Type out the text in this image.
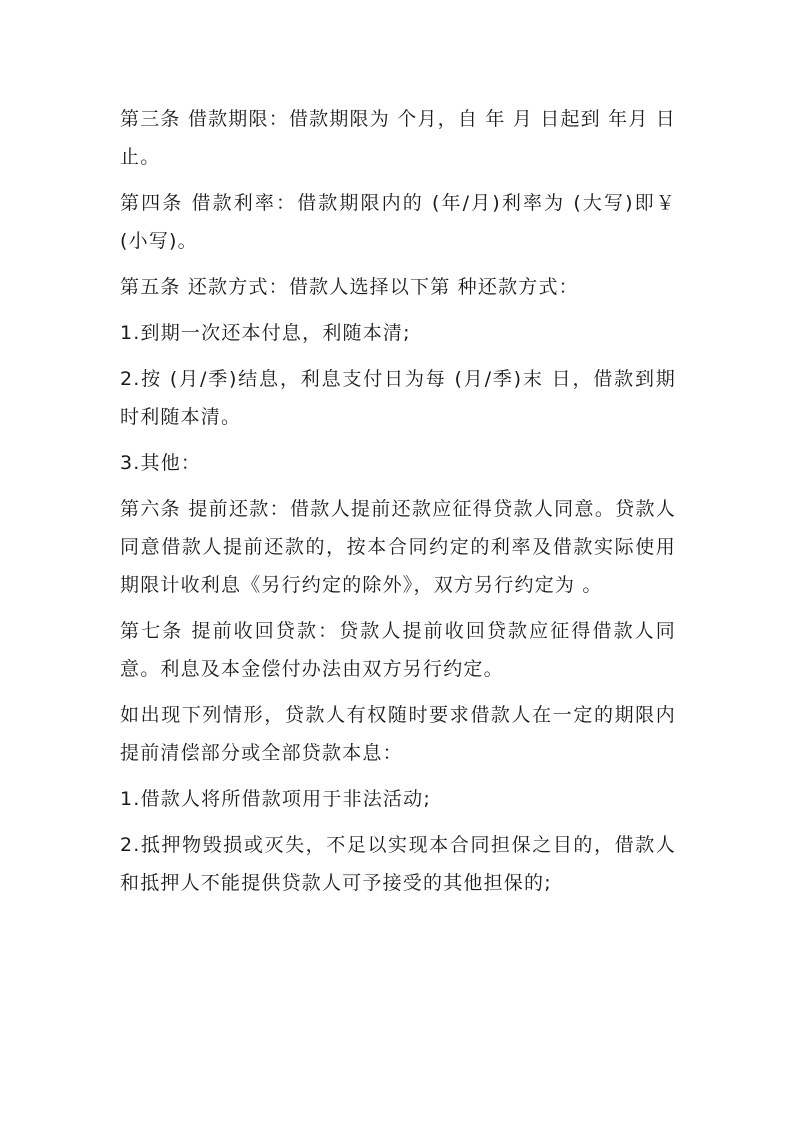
第三条 借款期限：借款期限为 个月，自 年 月 日起到 年月 日止。

第四条 借款利率：借款期限内的 (年/月)利率为 (大写)即￥ (小写)。

第五条 还款方式：借款人选择以下第 种还款方式：

1.到期一次还本付息，利随本清;

2.按 (月/季)结息，利息支付日为每 (月/季)末 日，借款到期时利随本清。

3.其他：

第六条 提前还款：借款人提前还款应征得贷款人同意。贷款人同意借款人提前还款的，按本合同约定的利率及借款实际使用期限计收利息《另行约定的除外》，双方另行约定为 。

第七条 提前收回贷款：贷款人提前收回贷款应征得借款人同意。利息及本金偿付办法由双方另行约定。

如出现下列情形，贷款人有权随时要求借款人在一定的期限内提前清偿部分或全部贷款本息：

1.借款人将所借款项用于非法活动;

2.抵押物毁损或灭失，不足以实现本合同担保之目的，借款人和抵押人不能提供贷款人可予接受的其他担保的;
